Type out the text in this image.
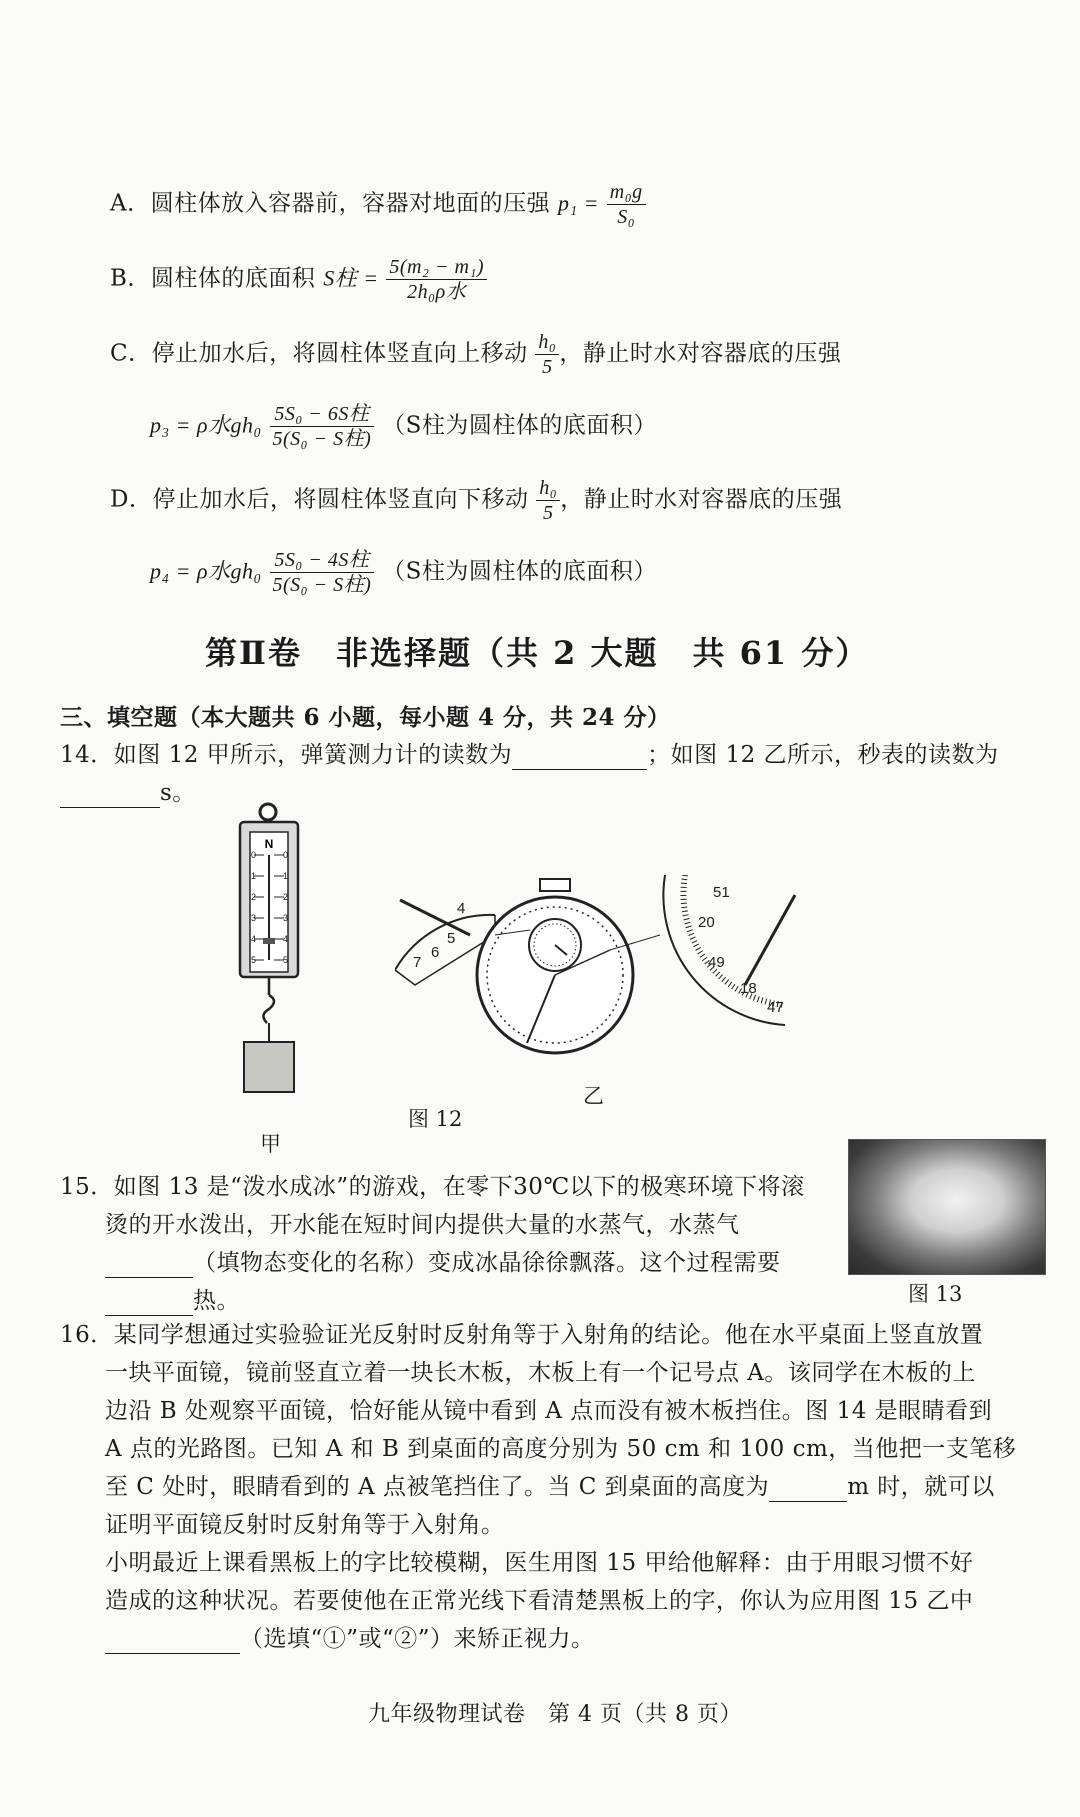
A．圆柱体放入容器前，容器对地面的压强 $p_1 = \frac{\text{m₀g}}{\text{S₀}}$
B．圆柱体的底面积 S柱 = $\frac{\text{5(m₂ − m₁)}}{\text{2h₀ρ水}}$
C．停止加水后，将圆柱体竖直向上移动 $\frac{\text{h₀}}{5}$ ，静止时水对容器底的压强
p₃ = ρ水$gh_0 \frac{\text{5S₀ − 6S柱}}{\text{5(S₀ − S柱)}} (S$柱为圆柱体的底面积）
D．停止加水后，将圆柱体竖直向下移动 $\frac{\text{h₀}}{5}$ ，静止时水对容器底的压强
p₄ = ρ水$gh_0 \frac{\text{5S₀ − 4S柱}}{\text{5(S₀ − S柱)}} (S$柱为圆柱体的底面积）
第Ⅱ卷　非选择题（共 2 大题　共 61 分）
三、填空题（本大题共 6 小题，每小题 4 分，共 24 分）
14．如图 12 甲所示，弹簧测力计的读数为	；如图 12 乙所示，秒表的读数为
s。
N
0
1
2
3
4
5
0
1
2
3
4
5
甲
4
5
6
7
51
20
49
18
47
乙
图 12
15．如图 13 是“泼水成冰”的游戏，在零下30℃以下的极寒环境下将滚
烫的开水泼出，开水能在短时间内提供大量的水蒸气，水蒸气
（填物态变化的名称）变成冰晶徐徐飘落。这个过程需要
热。	图 13
16．某同学想通过实验验证光反射时反射角等于入射角的结论。他在水平桌面上竖直放置
一块平面镜，镜前竖直立着一块长木板，木板上有一个记号点 A。该同学在木板的上
边沿 B 处观察平面镜，恰好能从镜中看到 A 点而没有被木板挡住。图 14 是眼睛看到
A 点的光路图。已知 A 和 B 到桌面的高度分别为 50 cm 和 100 cm，当他把一支笔移
至 C 处时，眼睛看到的 A 点被笔挡住了。当 C 到桌面的高度为	m 时，就可以
证明平面镜反射时反射角等于入射角。
小明最近上课看黑板上的字比较模糊，医生用图 15 甲给他解释：由于用眼习惯不好
造成的这种状况。若要使他在正常光线下看清楚黑板上的字，你认为应用图 15 乙中
（选填“①”或“②”）来矫正视力。
九年级物理试卷　第 4 页（共 8 页）
